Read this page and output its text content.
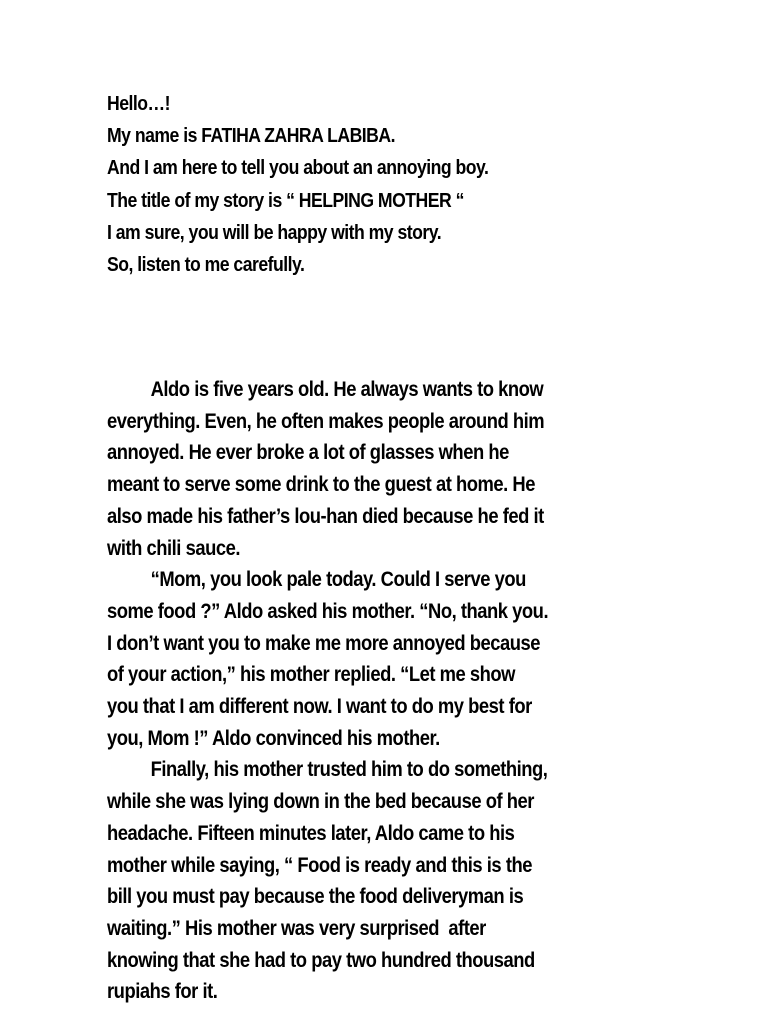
Hello…!
My name is FATIHA ZAHRA LABIBA.
And I am here to tell you about an annoying boy.
The title of my story is “ HELPING MOTHER “
I am sure, you will be happy with my story.
So, listen to me carefully.
Aldo is five years old. He always wants to know
everything. Even, he often makes people around him
annoyed. He ever broke a lot of glasses when he
meant to serve some drink to the guest at home. He
also made his father’s lou-han died because he fed it
with chili sauce.
“Mom, you look pale today. Could I serve you
some food ?” Aldo asked his mother. “No, thank you.
I don’t want you to make me more annoyed because
of your action,” his mother replied. “Let me show
you that I am different now. I want to do my best for
you, Mom !” Aldo convinced his mother.
Finally, his mother trusted him to do something,
while she was lying down in the bed because of her
headache. Fifteen minutes later, Aldo came to his
mother while saying, “ Food is ready and this is the
bill you must pay because the food deliveryman is
waiting.” His mother was very surprised  after
knowing that she had to pay two hundred thousand
rupiahs for it.
